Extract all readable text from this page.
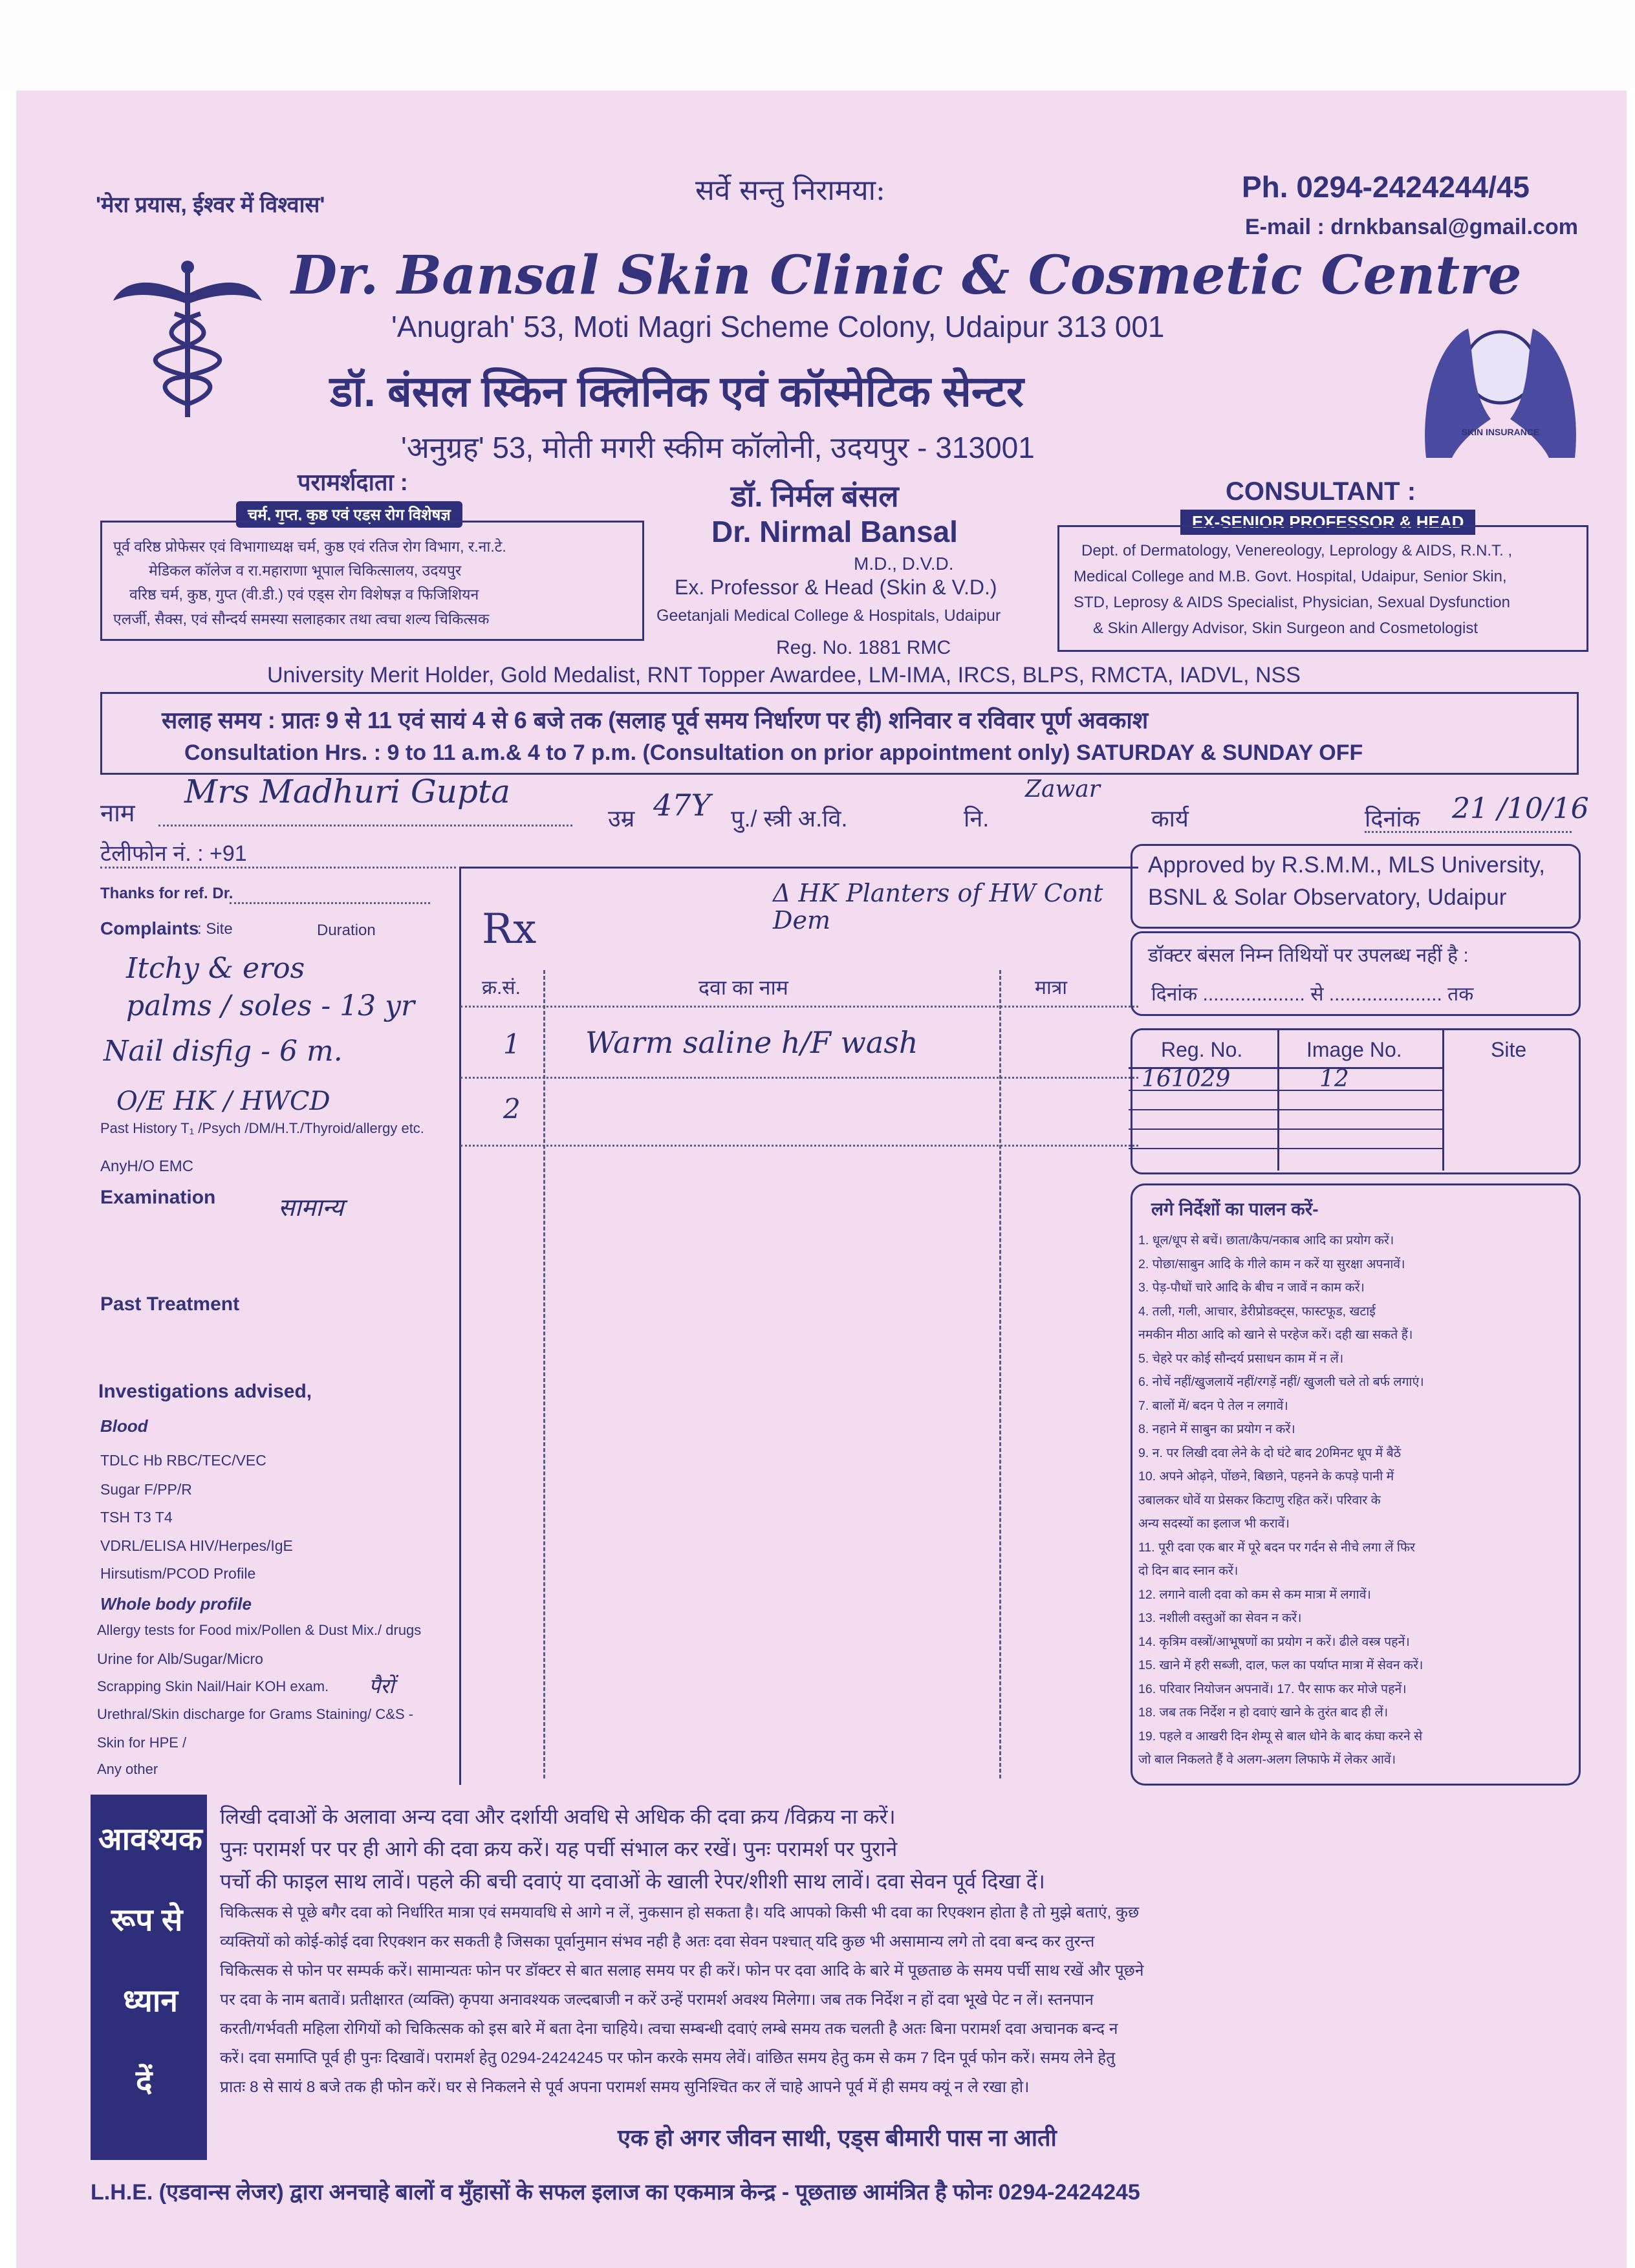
'मेरा प्रयास, ईश्वर में विश्वास'	सर्वे सन्तु निरामया:	Ph. 0294-2424244/45
E-mail : drnkbansal@gmail.com
Dr. Bansal Skin Clinic & Cosmetic Centre
'Anugrah' 53, Moti Magri Scheme Colony, Udaipur 313 001
डॉ. बंसल स्किन क्लिनिक एवं कॉस्मेटिक सेन्टर
'अनुग्रह' 53, मोती मगरी स्कीम कॉलोनी, उदयपुर - 313001	SKIN INSURANCE
परामर्शदाता :
चर्म, गुप्त, कुष्ठ एवं एड्स रोग विशेषज्ञ
पूर्व वरिष्ठ प्रोफेसर एवं विभागाध्यक्ष चर्म, कुष्ठ एवं रतिज रोग विभाग, र.ना.टे.
मेडिकल कॉलेज व रा.महाराणा भूपाल चिकित्सालय, उदयपुर
वरिष्ठ चर्म, कुष्ठ, गुप्त (वी.डी.) एवं एड्स रोग विशेषज्ञ व फिजिशियन
एलर्जी, सैक्स, एवं सौन्दर्य समस्या सलाहकार तथा त्वचा शल्य चिकित्सक
डॉ. निर्मल बंसल
Dr. Nirmal Bansal
M.D., D.V.D.
Ex. Professor & Head (Skin & V.D.)
Geetanjali Medical College & Hospitals, Udaipur
Reg. No. 1881 RMC
CONSULTANT :
EX-SENIOR PROFESSOR & HEAD
Dept. of Dermatology, Venereology, Leprology & AIDS, R.N.T. ,
Medical College and M.B. Govt. Hospital, Udaipur, Senior Skin,
STD, Leprosy & AIDS Specialist, Physician, Sexual Dysfunction
& Skin Allergy Advisor, Skin Surgeon and Cosmetologist
University Merit Holder, Gold Medalist, RNT Topper Awardee, LM-IMA, IRCS, BLPS, RMCTA, IADVL, NSS
सलाह समय : प्रातः 9 से 11 एवं सायं 4 से 6 बजे तक (सलाह पूर्व समय निर्धारण पर ही) शनिवार व रविवार पूर्ण अवकाश
Consultation Hrs. : 9 to 11 a.m.& 4 to 7 p.m. (Consultation on prior appointment only) SATURDAY & SUNDAY OFF
नाम
Mrs Madhuri Gupta
उम्र 47Y पु./ स्त्री अ.वि.	नि.
Zawar
कार्य	दिनांक 21 /10/16
टेलीफोन नं. : +91
Thanks for ref. Dr.
Complaints
: Site	Duration
Itchy & eros
palms / soles - 13 yr
Nail disfig - 6 m.
O/E HK / HWCD
Past History T₁ /Psych /DM/H.T./Thyroid/allergy etc.
AnyH/O EMC
Examination	सामान्य
Past Treatment
Investigations advised,
Blood
TDLC Hb RBC/TEC/VEC
Sugar F/PP/R
TSH T3 T4
VDRL/ELISA HIV/Herpes/IgE
Hirsutism/PCOD Profile
Whole body profile
Allergy tests for Food mix/Pollen & Dust Mix./ drugs
Urine for Alb/Sugar/Micro
Scrapping Skin Nail/Hair KOH exam. पैरों
Urethral/Skin discharge for Grams Staining/ C&S -
Skin for HPE /
Any other
Rx
Δ HK Planters of HW Cont Dem
क्र.सं.	दवा का नाम	मात्रा
1 Warm saline h/F wash
2
Approved by R.S.M.M., MLS University,
BSNL & Solar Observatory, Udaipur
डॉक्टर बंसल निम्न तिथियों पर उपलब्ध नहीं है :
दिनांक ................... से ..................... तक
Reg. No.	Image No.	Site
161029	12
लगे निर्देशों का पालन करें-
1. धूल/धूप से बचें। छाता/कैप/नकाब आदि का प्रयोग करें।
2. पोछा/साबुन आदि के गीले काम न करें या सुरक्षा अपनावें।
3. पेड़-पौधों चारे आदि के बीच न जावें न काम करें।
4. तली, गली, आचार, डेरीप्रोडक्ट्स, फास्टफूड, खटाई
नमकीन मीठा आदि को खाने से परहेज करें। दही खा सकते हैं।
5. चेहरे पर कोई सौन्दर्य प्रसाधन काम में न लें।
6. नोचें नहीं/खुजलायें नहीं/रगड़ें नहीं/ खुजली चले तो बर्फ लगाएं।
7. बालों में/ बदन पे तेल न लगावें।
8. नहाने में साबुन का प्रयोग न करें।
9. न. पर लिखी दवा लेने के दो घंटे बाद 20मिनट धूप में बैठें
10. अपने ओढ़ने, पोंछने, बिछाने, पहनने के कपड़े पानी में
उबालकर धोवें या प्रेसकर किटाणु रहित करें। परिवार के
अन्य सदस्यों का इलाज भी करावें।
11. पूरी दवा एक बार में पूरे बदन पर गर्दन से नीचे लगा लें फिर
दो दिन बाद स्नान करें।
12. लगाने वाली दवा को कम से कम मात्रा में लगावें।
13. नशीली वस्तुओं का सेवन न करें।
14. कृत्रिम वस्त्रों/आभूषणों का प्रयोग न करें। ढीले वस्त्र पहनें।
15. खाने में हरी सब्जी, दाल, फल का पर्याप्त मात्रा में सेवन करें।
16. परिवार नियोजन अपनावें। 17. पैर साफ कर मोजे पहनें।
18. जब तक निर्देश न हो दवाएं खाने के तुरंत बाद ही लें।
19. पहले व आखरी दिन शेम्पू से बाल धोने के बाद कंघा करने से
जो बाल निकलते हैं वे अलग-अलग लिफाफे में लेकर आवें।
आवश्यक
रूप से
ध्यान
दें
लिखी दवाओं के अलावा अन्य दवा और दर्शायी अवधि से अधिक की दवा क्रय /विक्रय ना करें।
पुनः परामर्श पर पर ही आगे की दवा क्रय करें। यह पर्ची संभाल कर रखें। पुनः परामर्श पर पुराने
पर्चो की फाइल साथ लावें। पहले की बची दवाएं या दवाओं के खाली रेपर/शीशी साथ लावें। दवा सेवन पूर्व दिखा दें।
चिकित्सक से पूछे बगैर दवा को निर्धारित मात्रा एवं समयावधि से आगे न लें, नुकसान हो सकता है। यदि आपको किसी भी दवा का रिएक्शन होता है तो मुझे बताएं, कुछ
व्यक्तियों को कोई-कोई दवा रिएक्शन कर सकती है जिसका पूर्वानुमान संभव नही है अतः दवा सेवन पश्चात् यदि कुछ भी असामान्य लगे तो दवा बन्द कर तुरन्त
चिकित्सक से फोन पर सम्पर्क करें। सामान्यतः फोन पर डॉक्टर से बात सलाह समय पर ही करें। फोन पर दवा आदि के बारे में पूछताछ के समय पर्ची साथ रखें और पूछने
पर दवा के नाम बतावें। प्रतीक्षारत (व्यक्ति) कृपया अनावश्यक जल्दबाजी न करें उन्हें परामर्श अवश्य मिलेगा। जब तक निर्देश न हों दवा भूखे पेट न लें। स्तनपान
करती/गर्भवती महिला रोगियों को चिकित्सक को इस बारे में बता देना चाहिये। त्वचा सम्बन्धी दवाएं लम्बे समय तक चलती है अतः बिना परामर्श दवा अचानक बन्द न
करें। दवा समाप्ति पूर्व ही पुनः दिखावें। परामर्श हेतु 0294-2424245 पर फोन करके समय लेवें। वांछित समय हेतु कम से कम 7 दिन पूर्व फोन करें। समय लेने हेतु
प्रातः 8 से सायं 8 बजे तक ही फोन करें। घर से निकलने से पूर्व अपना परामर्श समय सुनिश्चित कर लें चाहे आपने पूर्व में ही समय क्यूं न ले रखा हो।
एक हो अगर जीवन साथी, एड्स बीमारी पास ना आती
L.H.E. (एडवान्स लेजर) द्वारा अनचाहे बालों व मुँहासों के सफल इलाज का एकमात्र केन्द्र - पूछताछ आमंत्रित है फोनः 0294-2424245
